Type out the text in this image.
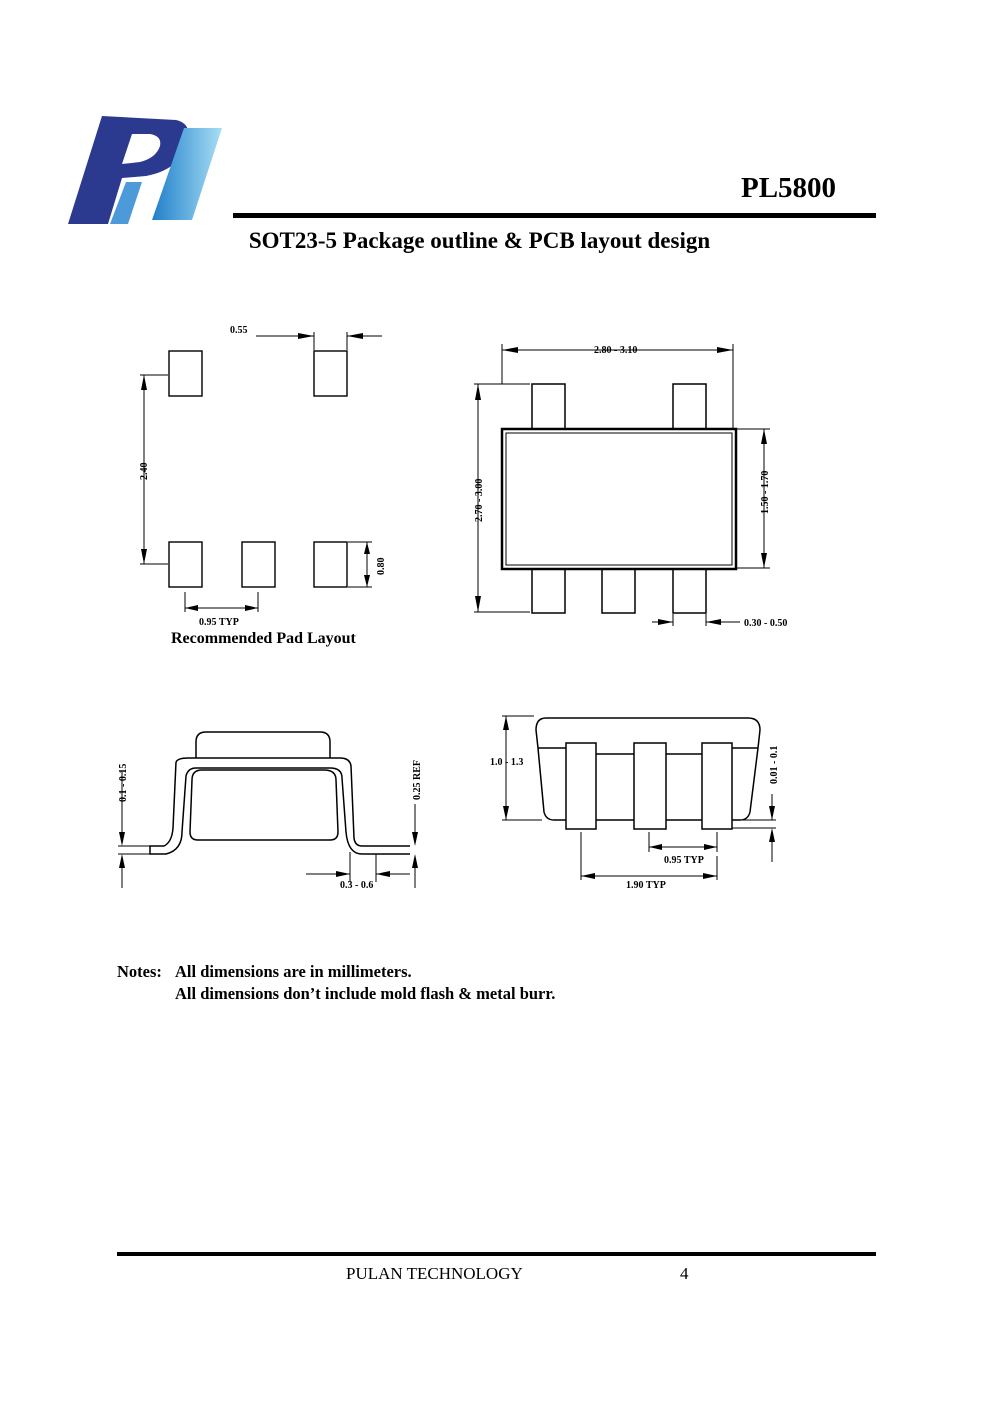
PL5800
SOT23-5 Package outline & PCB layout design
0.55
2.40
0.80
0.95 TYP
Recommended Pad Layout
2.80 - 3.10
2.70 - 3.00	1.50 - 1.70
0.30 - 0.50
0.1 - 0.15	0.25 REF
0.3 - 0.6
1.0 - 1.3	0.01 - 0.1
0.95 TYP
1.90 TYP
Notes: All dimensions are in millimeters.
All dimensions don’t include mold flash & metal burr.
PULAN TECHNOLOGY	4
